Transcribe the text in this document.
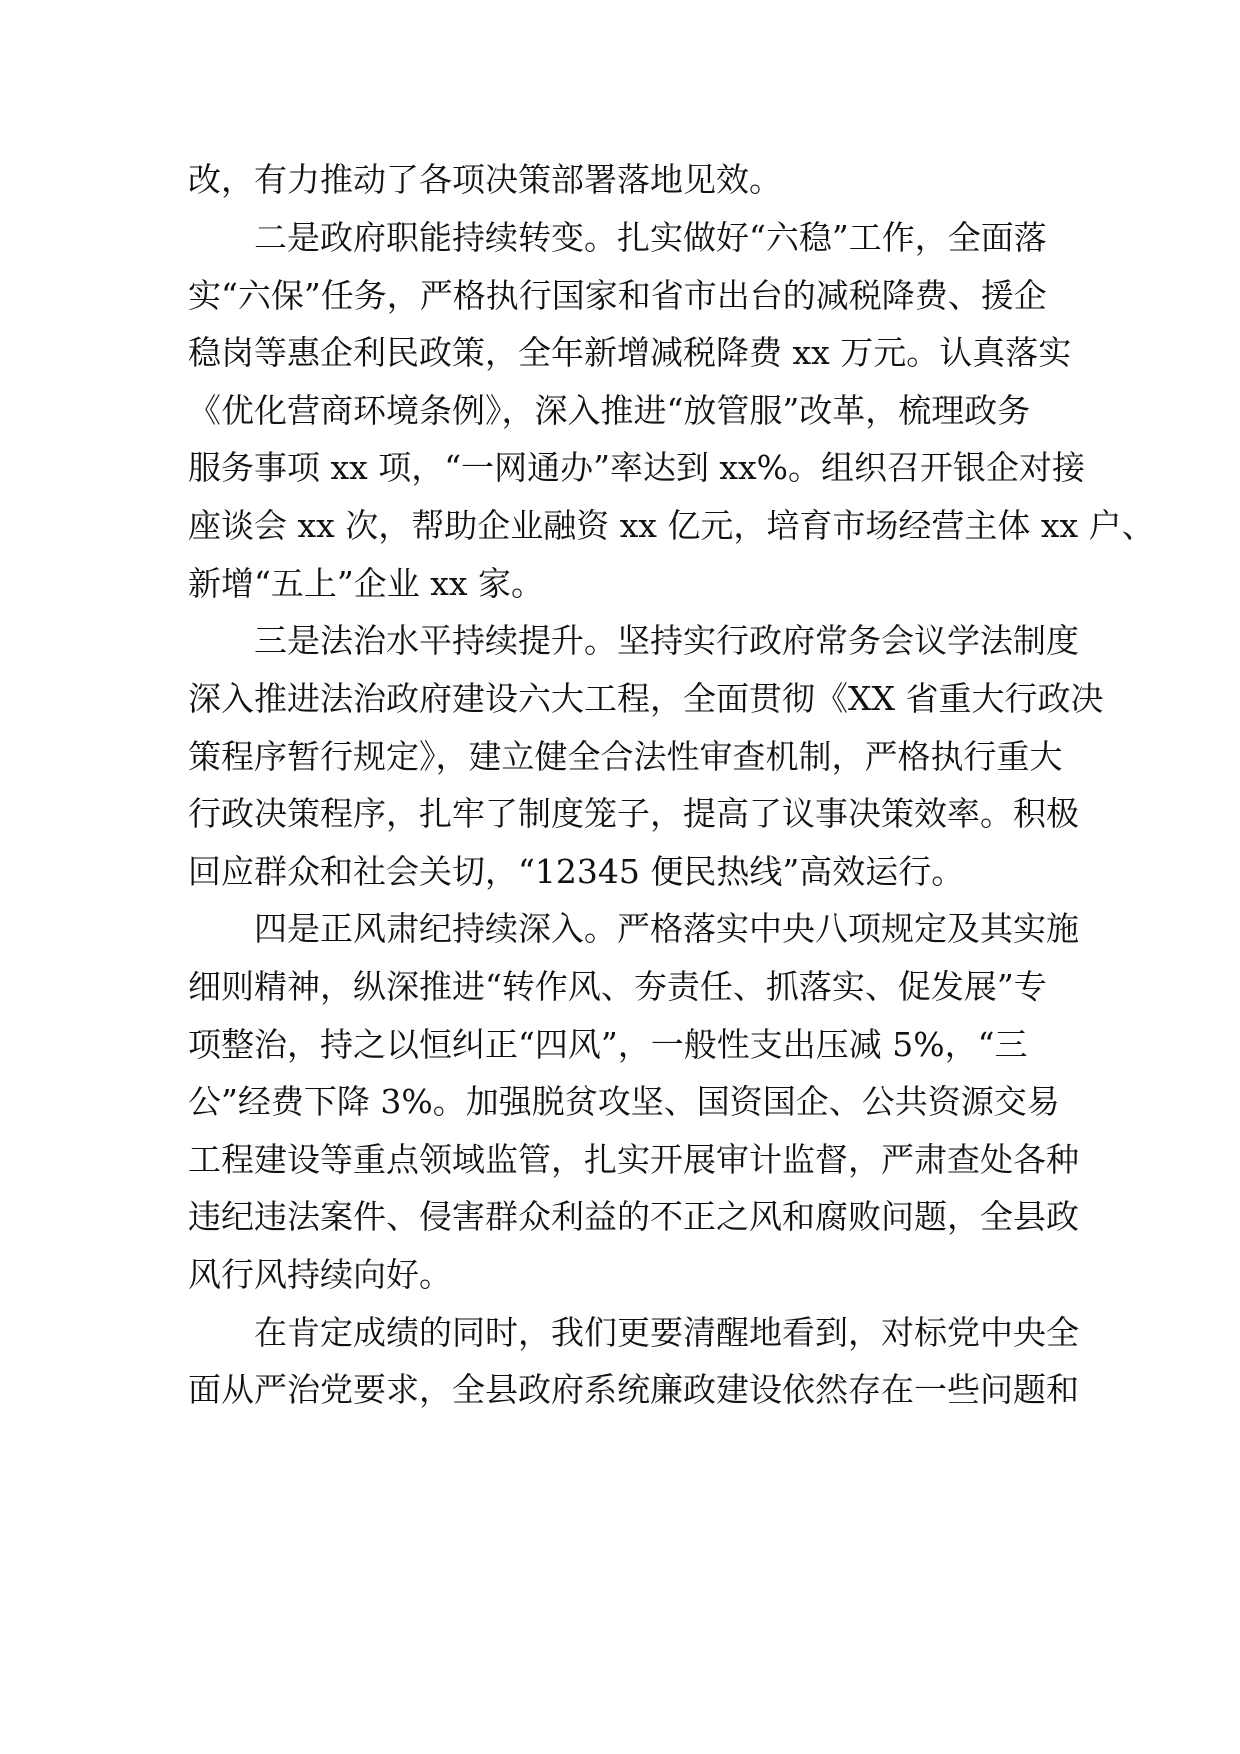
改，有力推动了各项决策部署落地见效。

二是政府职能持续转变。扎实做好“六稳”工作，全面落

实“六保”任务，严格执行国家和省市出台的减税降费、援企

稳岗等惠企利民政策，全年新增减税降费 xx 万元。认真落实

《优化营商环境条例》，深入推进“放管服”改革，梳理政务

服务事项 xx 项，“一网通办”率达到 xx%。组织召开银企对接

座谈会 xx 次，帮助企业融资 xx 亿元，培育市场经营主体 xx 户、

新增“五上”企业 xx 家。

三是法治水平持续提升。坚持实行政府常务会议学法制度

深入推进法治政府建设六大工程，全面贯彻《XX 省重大行政决

策程序暂行规定》，建立健全合法性审查机制，严格执行重大

行政决策程序，扎牢了制度笼子，提高了议事决策效率。积极

回应群众和社会关切，“12345 便民热线”高效运行。

四是正风肃纪持续深入。严格落实中央八项规定及其实施

细则精神，纵深推进“转作风、夯责任、抓落实、促发展”专

项整治，持之以恒纠正“四风”，一般性支出压减 5%，“三

公”经费下降 3%。加强脱贫攻坚、国资国企、公共资源交易

工程建设等重点领域监管，扎实开展审计监督，严肃查处各种

违纪违法案件、侵害群众利益的不正之风和腐败问题，全县政

风行风持续向好。

在肯定成绩的同时，我们更要清醒地看到，对标党中央全

面从严治党要求，全县政府系统廉政建设依然存在一些问题和
